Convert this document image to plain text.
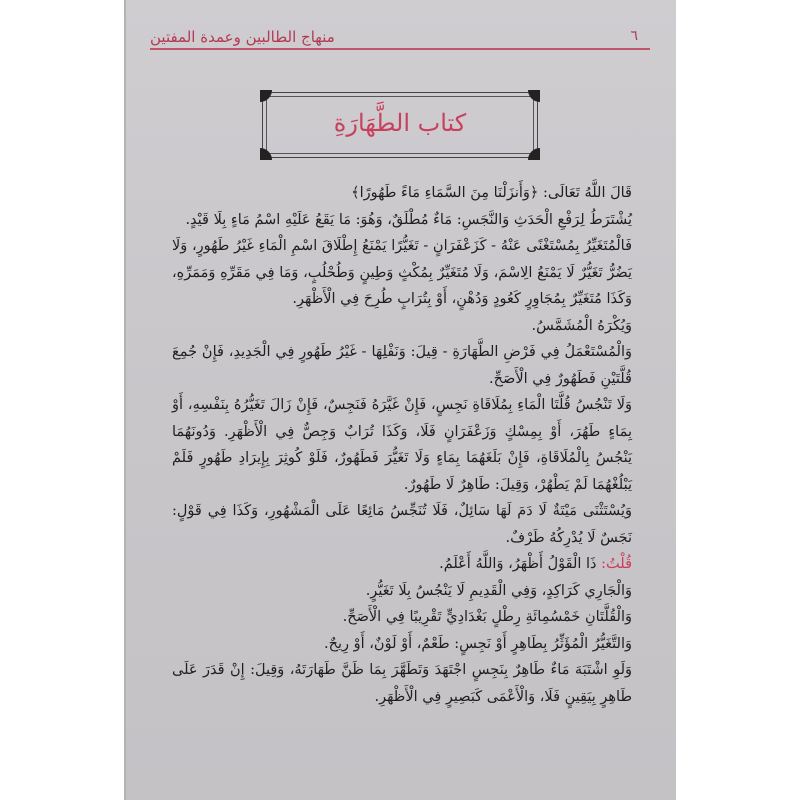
٦
منهاج الطالبين وعمدة المفتين
كتاب الطَّهَارَةِ

قَالَ اللَّهُ تَعَالَى: ﴿وَأَنزَلْنَا مِنَ السَّمَاءِ مَاءً طَهُورًا﴾

يُشْتَرَطُ لِرَفْعِ الْحَدَثِ وَالنَّجَسِ: مَاءٌ مُطْلَقٌ، وَهُوَ: مَا يَقَعُ عَلَيْهِ اسْمُ مَاءٍ بِلَا قَيْدٍ.

فَالْمُتَغَيِّرُ بِمُسْتَغْنًى عَنْهُ - كَزَعْفَرَانٍ - تَغَيُّرًا يَمْنَعُ إِطْلَاقَ اسْمِ الْمَاءِ غَيْرُ طَهُورٍ، وَلَا يَضُرُّ تَغَيُّرٌ لَا يَمْنَعُ الِاسْمَ، وَلَا مُتَغَيِّرٌ بِمُكْثٍ وَطِينٍ وَطُحْلُبٍ، وَمَا فِي مَقَرِّهِ وَمَمَرِّهِ، وَكَذَا مُتَغَيِّرٌ بِمُجَاوِرٍ كَعُودٍ وَدُهْنٍ، أَوْ بِتُرَابٍ طُرِحَ فِي الْأَظْهَرِ.

وَيُكْرَهُ الْمُشَمَّسُ.

وَالْمُسْتَعْمَلُ فِي فَرْضِ الطَّهَارَةِ - قِيلَ: وَنَفْلِهَا - غَيْرُ طَهُورٍ فِي الْجَدِيدِ، فَإِنْ جُمِعَ قُلَّتَيْنِ فَطَهُورٌ فِي الْأَصَحِّ.

وَلَا تَنْجُسُ قُلَّتَا الْمَاءِ بِمُلَاقَاةِ نَجِسٍ، فَإِنْ غَيَّرَهُ فَنَجِسٌ، فَإِنْ زَالَ تَغَيُّرُهُ بِنَفْسِهِ، أَوْ بِمَاءٍ طَهُرَ، أَوْ بِمِسْكٍ وَزَعْفَرَانٍ فَلَا، وَكَذَا تُرَابٌ وَجِصٌّ فِي الْأَظْهَرِ. وَدُونَهُمَا يَنْجُسُ بِالْمُلَاقَاةِ، فَإِنْ بَلَغَهُمَا بِمَاءٍ وَلَا تَغَيُّرَ فَطَهُورٌ، فَلَوْ كُوثِرَ بِإِيرَادِ طَهُورٍ فَلَمْ يَبْلُغْهُمَا لَمْ يَطْهُرْ، وَقِيلَ: طَاهِرٌ لَا طَهُورٌ.

وَيُسْتَثْنَى مَيْتَةٌ لَا دَمَ لَهَا سَائِلٌ، فَلَا تُنَجِّسُ مَائِعًا عَلَى الْمَشْهُورِ، وَكَذَا فِي قَوْلٍ: نَجَسٌ لَا يُدْرِكُهُ طَرْفٌ.

قُلْتُ: ذَا الْقَوْلُ أَظْهَرُ، وَاللَّهُ أَعْلَمُ.

وَالْجَارِي كَرَاكِدٍ، وَفِي الْقَدِيمِ لَا يَنْجُسُ بِلَا تَغَيُّرٍ.

وَالْقُلَّتَانِ خَمْسُمِائَةِ رِطْلٍ بَغْدَادِيٍّ تَقْرِيبًا فِي الْأَصَحِّ.

وَالتَّغَيُّرُ الْمُؤَثِّرُ بِطَاهِرٍ أَوْ نَجِسٍ: طَعْمٌ، أَوْ لَوْنٌ، أَوْ رِيحٌ.

وَلَوِ اشْتَبَهَ مَاءٌ طَاهِرٌ بِنَجِسٍ اجْتَهَدَ وَتَطَهَّرَ بِمَا ظَنَّ طَهَارَتَهُ، وَقِيلَ: إِنْ قَدَرَ عَلَى طَاهِرٍ بِيَقِينٍ فَلَا، وَالْأَعْمَى كَبَصِيرٍ فِي الْأَظْهَرِ.
